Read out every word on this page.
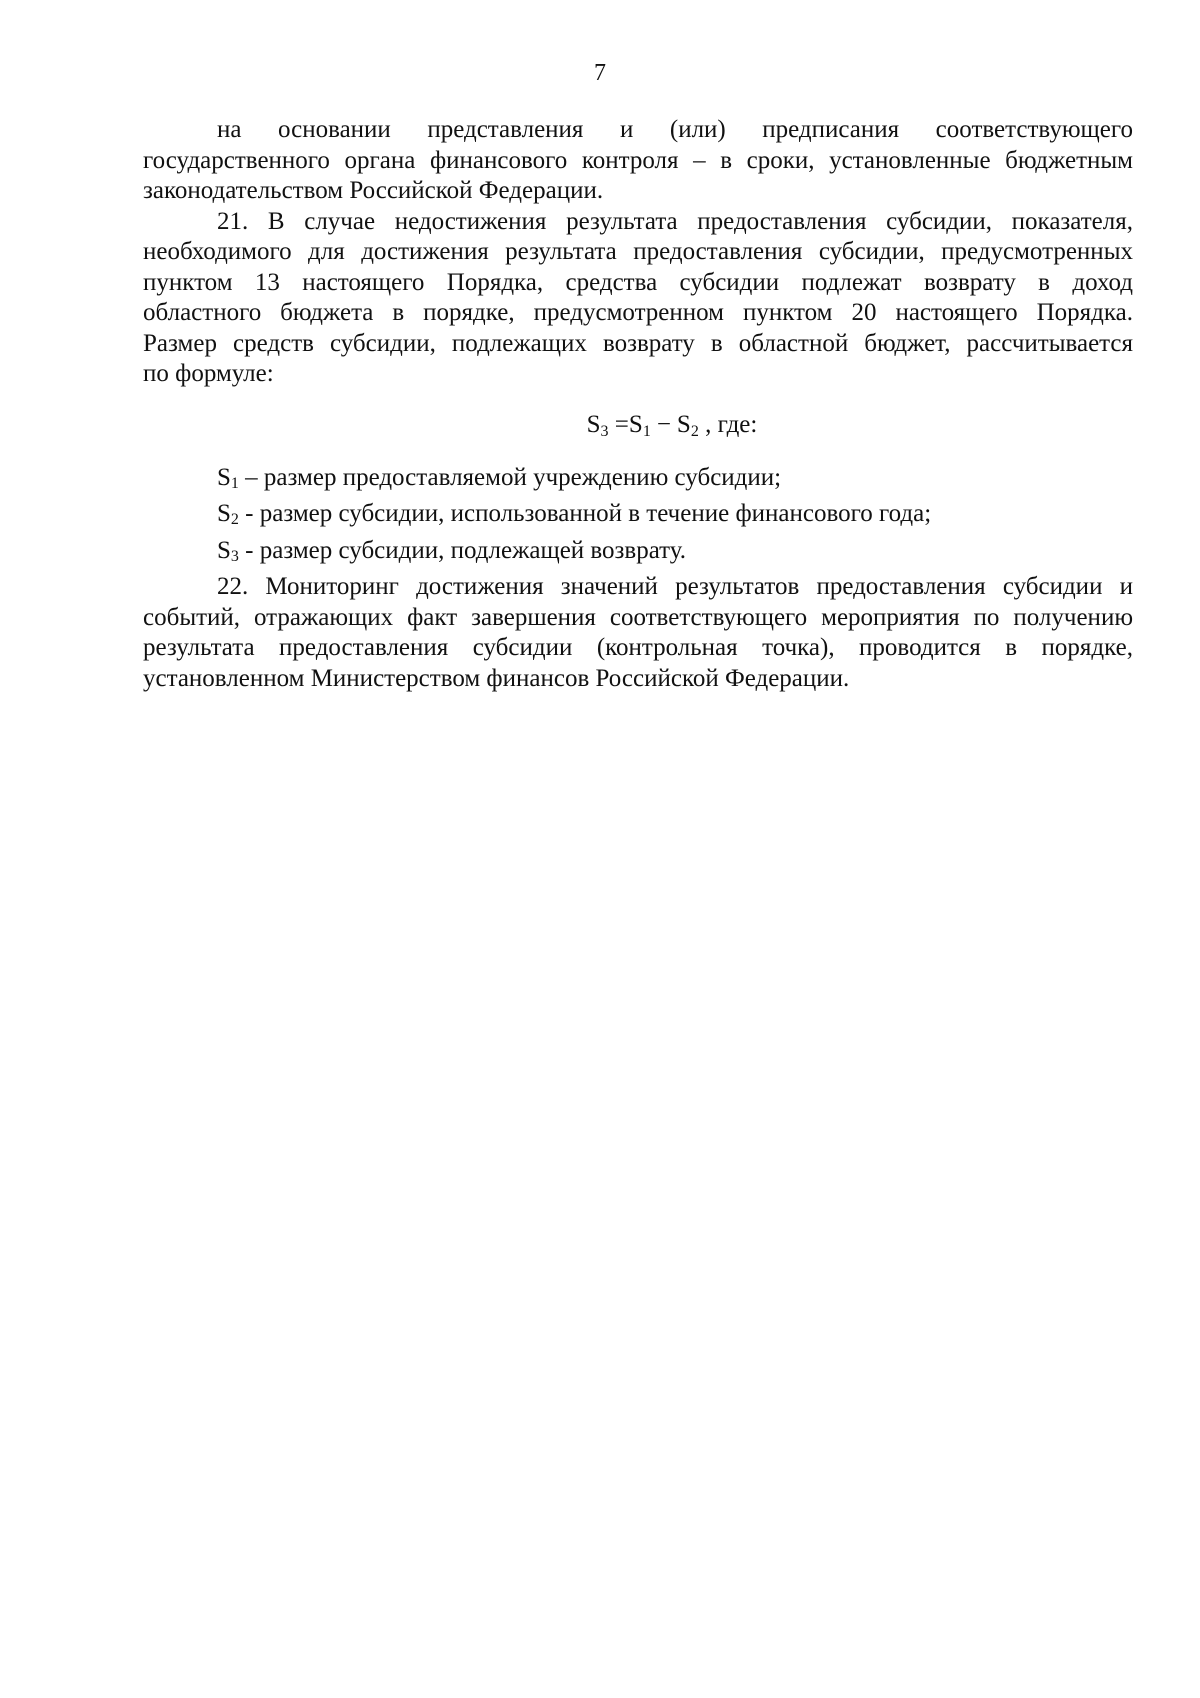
7

на основании представления и (или) предписания соответствующего
государственного органа финансового контроля – в сроки, установленные бюджетным
законодательством Российской Федерации.

21. В случае недостижения результата предоставления субсидии, показателя,
необходимого для достижения результата предоставления субсидии, предусмотренных
пунктом 13 настоящего Порядка, средства субсидии подлежат возврату в доход
областного бюджета в порядке, предусмотренном пунктом 20 настоящего Порядка.
Размер средств субсидии, подлежащих возврату в областной бюджет, рассчитывается
по формуле:

$S_3 =S_1 - S_2$ , где:
$S_1$ – размер предоставляемой учреждению субсидии;
$S_2$ - размер субсидии, использованной в течение финансового года;
$S_3$ - размер субсидии, подлежащей возврату.

22. Мониторинг достижения значений результатов предоставления субсидии и
событий, отражающих факт завершения соответствующего мероприятия по получению
результата предоставления субсидии (контрольная точка), проводится в порядке,
установленном Министерством финансов Российской Федерации.
